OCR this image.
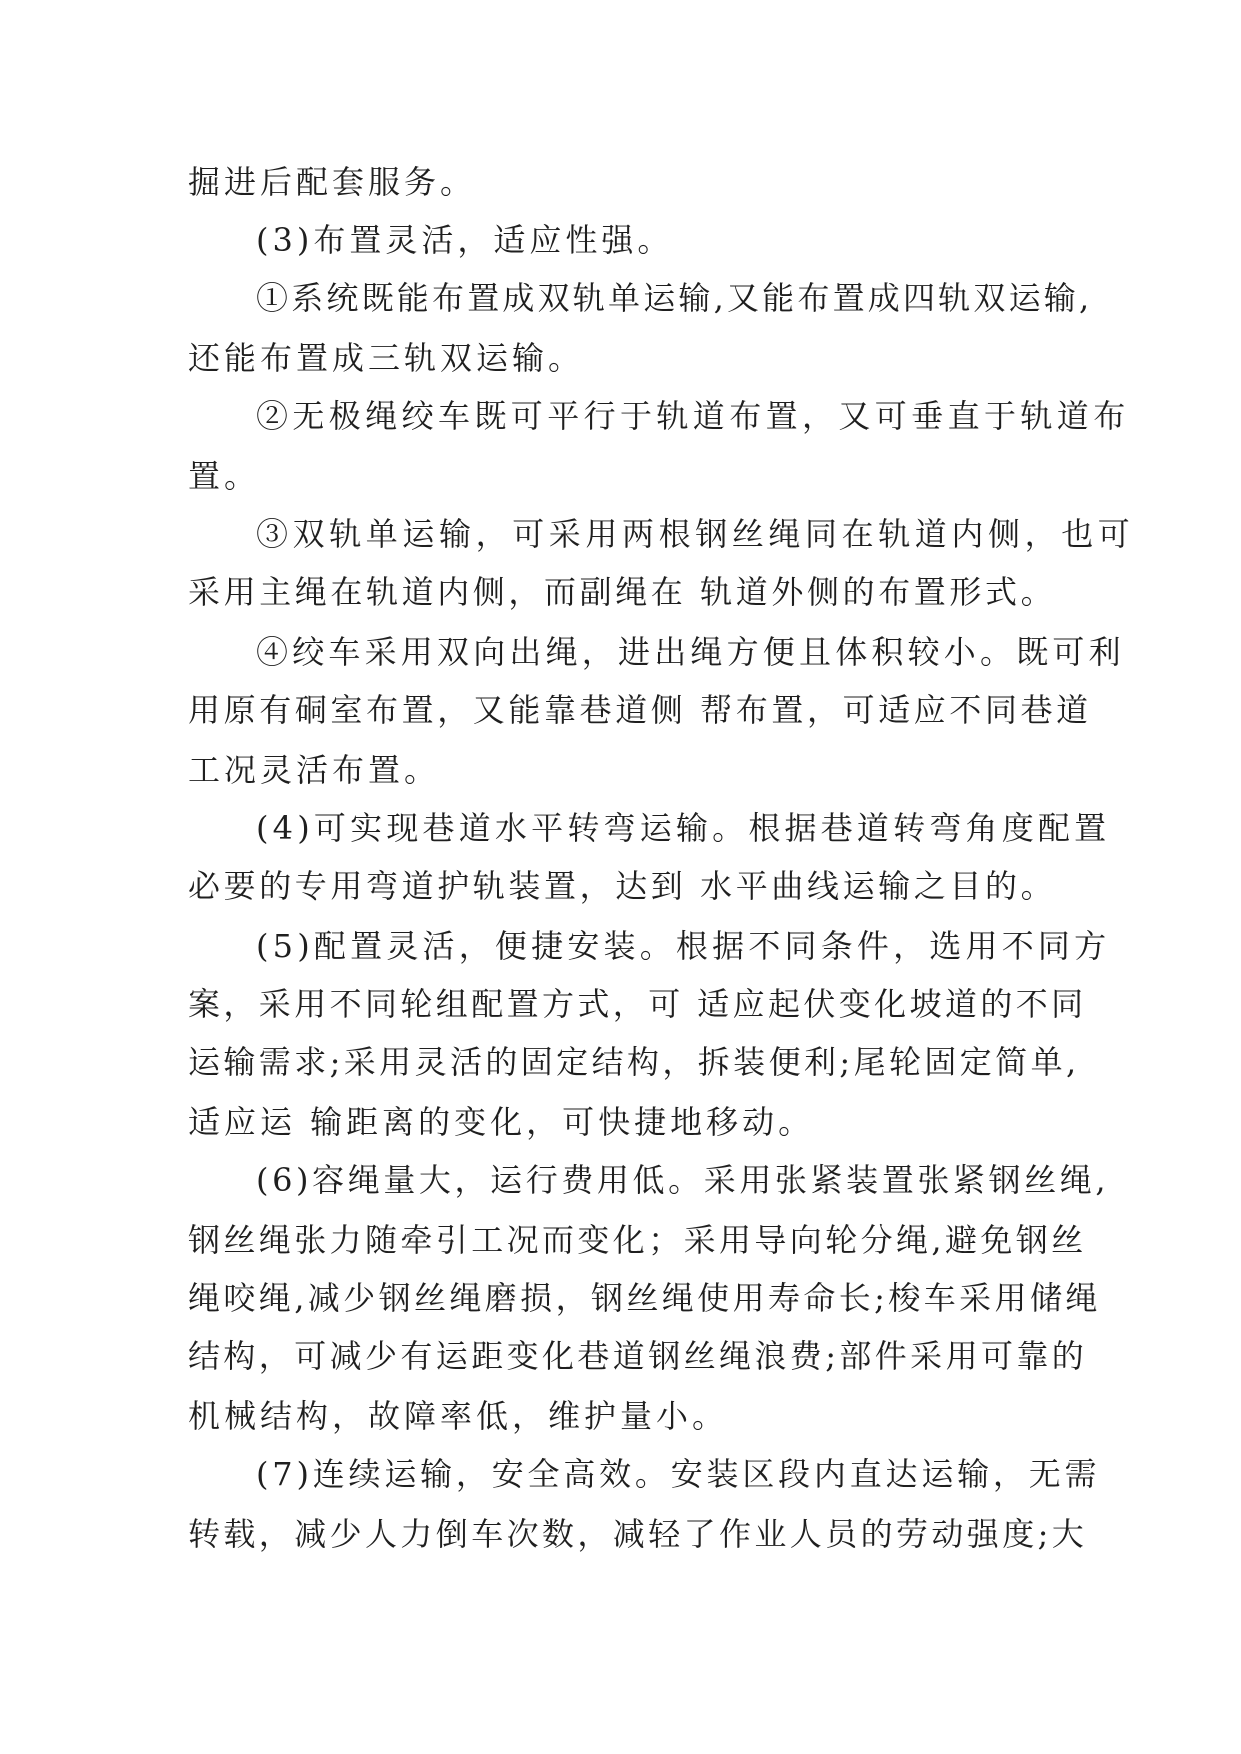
掘进后配套服务。
(3)布置灵活，适应性强。
①系统既能布置成双轨单运输,又能布置成四轨双运输,
还能布置成三轨双运输。
②无极绳绞车既可平行于轨道布置，又可垂直于轨道布
置。
③双轨单运输，可采用两根钢丝绳同在轨道内侧，也可
采用主绳在轨道内侧，而副绳在 轨道外侧的布置形式。
④绞车采用双向出绳，进出绳方便且体积较小。既可利
用原有硐室布置，又能靠巷道侧 帮布置，可适应不同巷道
工况灵活布置。
(4)可实现巷道水平转弯运输。根据巷道转弯角度配置
必要的专用弯道护轨装置，达到 水平曲线运输之目的。
(5)配置灵活，便捷安装。根据不同条件，选用不同方
案，采用不同轮组配置方式，可 适应起伏变化坡道的不同
运输需求;采用灵活的固定结构，拆装便利;尾轮固定简单,
适应运 输距离的变化，可快捷地移动。
(6)容绳量大，运行费用低。采用张紧装置张紧钢丝绳,
钢丝绳张力随牵引工况而变化；采用导向轮分绳,避免钢丝
绳咬绳,减少钢丝绳磨损，钢丝绳使用寿命长;梭车采用储绳
结构，可减少有运距变化巷道钢丝绳浪费;部件采用可靠的
机械结构，故障率低，维护量小。
(7)连续运输，安全高效。安装区段内直达运输，无需
转载，减少人力倒车次数，减轻了作业人员的劳动强度;大
